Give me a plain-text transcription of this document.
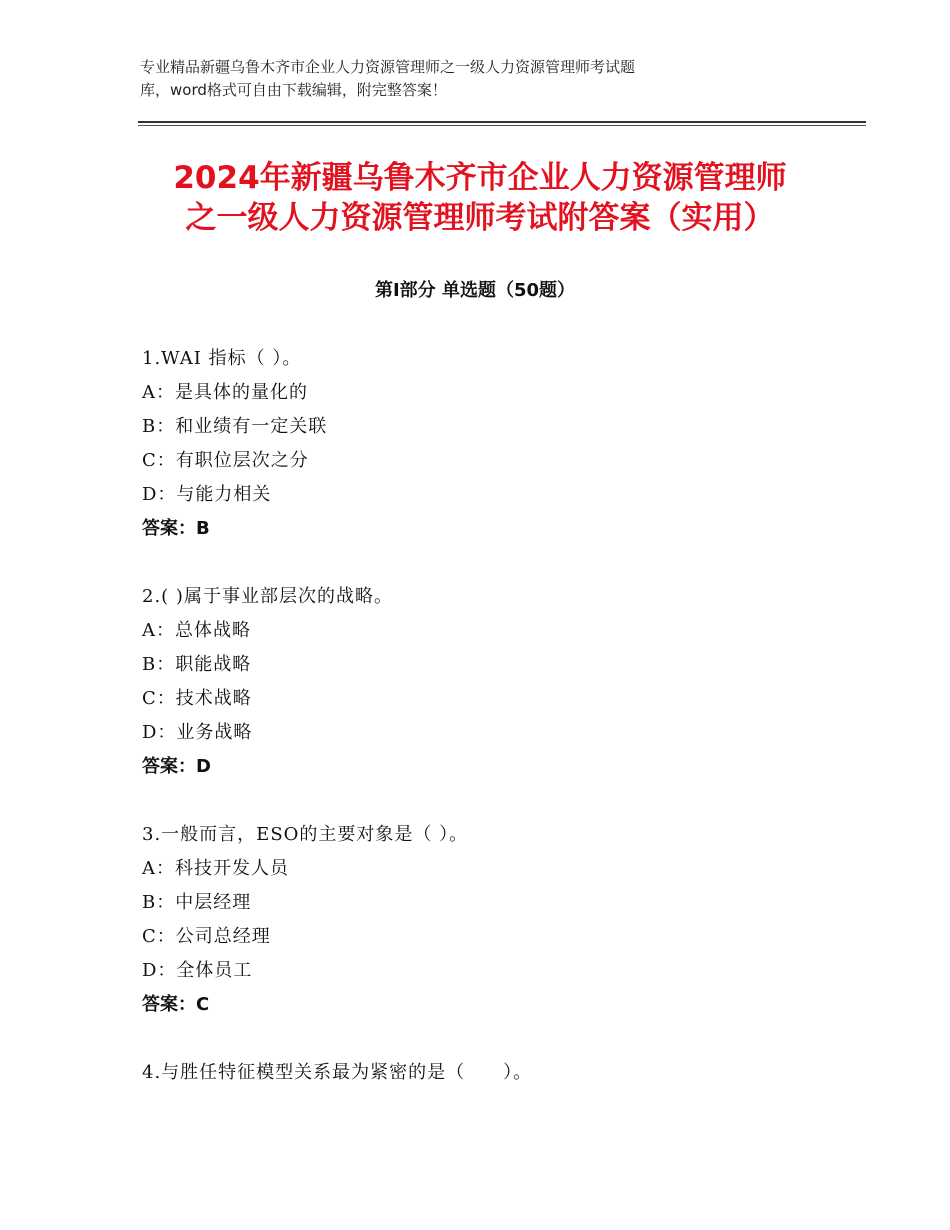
专业精品新疆乌鲁木齐市企业人力资源管理师之一级人力资源管理师考试题

库，word格式可自由下载编辑，附完整答案！

2024年新疆乌鲁木齐市企业人力资源管理师

之一级人力资源管理师考试附答案（实用）

第Ⅰ部分 单选题（50题）
1.WAI 指标（ ）。
A：是具体的量化的
B：和业绩有一定关联
C：有职位层次之分
D：与能力相关
答案：B
2.( )属于事业部层次的战略。
A：总体战略
B：职能战略
C：技术战略
D：业务战略
答案：D
3.一般而言，ESO的主要对象是（ ）。
A：科技开发人员
B：中层经理
C：公司总经理
D：全体员工
答案：C
4.与胜任特征模型关系最为紧密的是（　　）。
